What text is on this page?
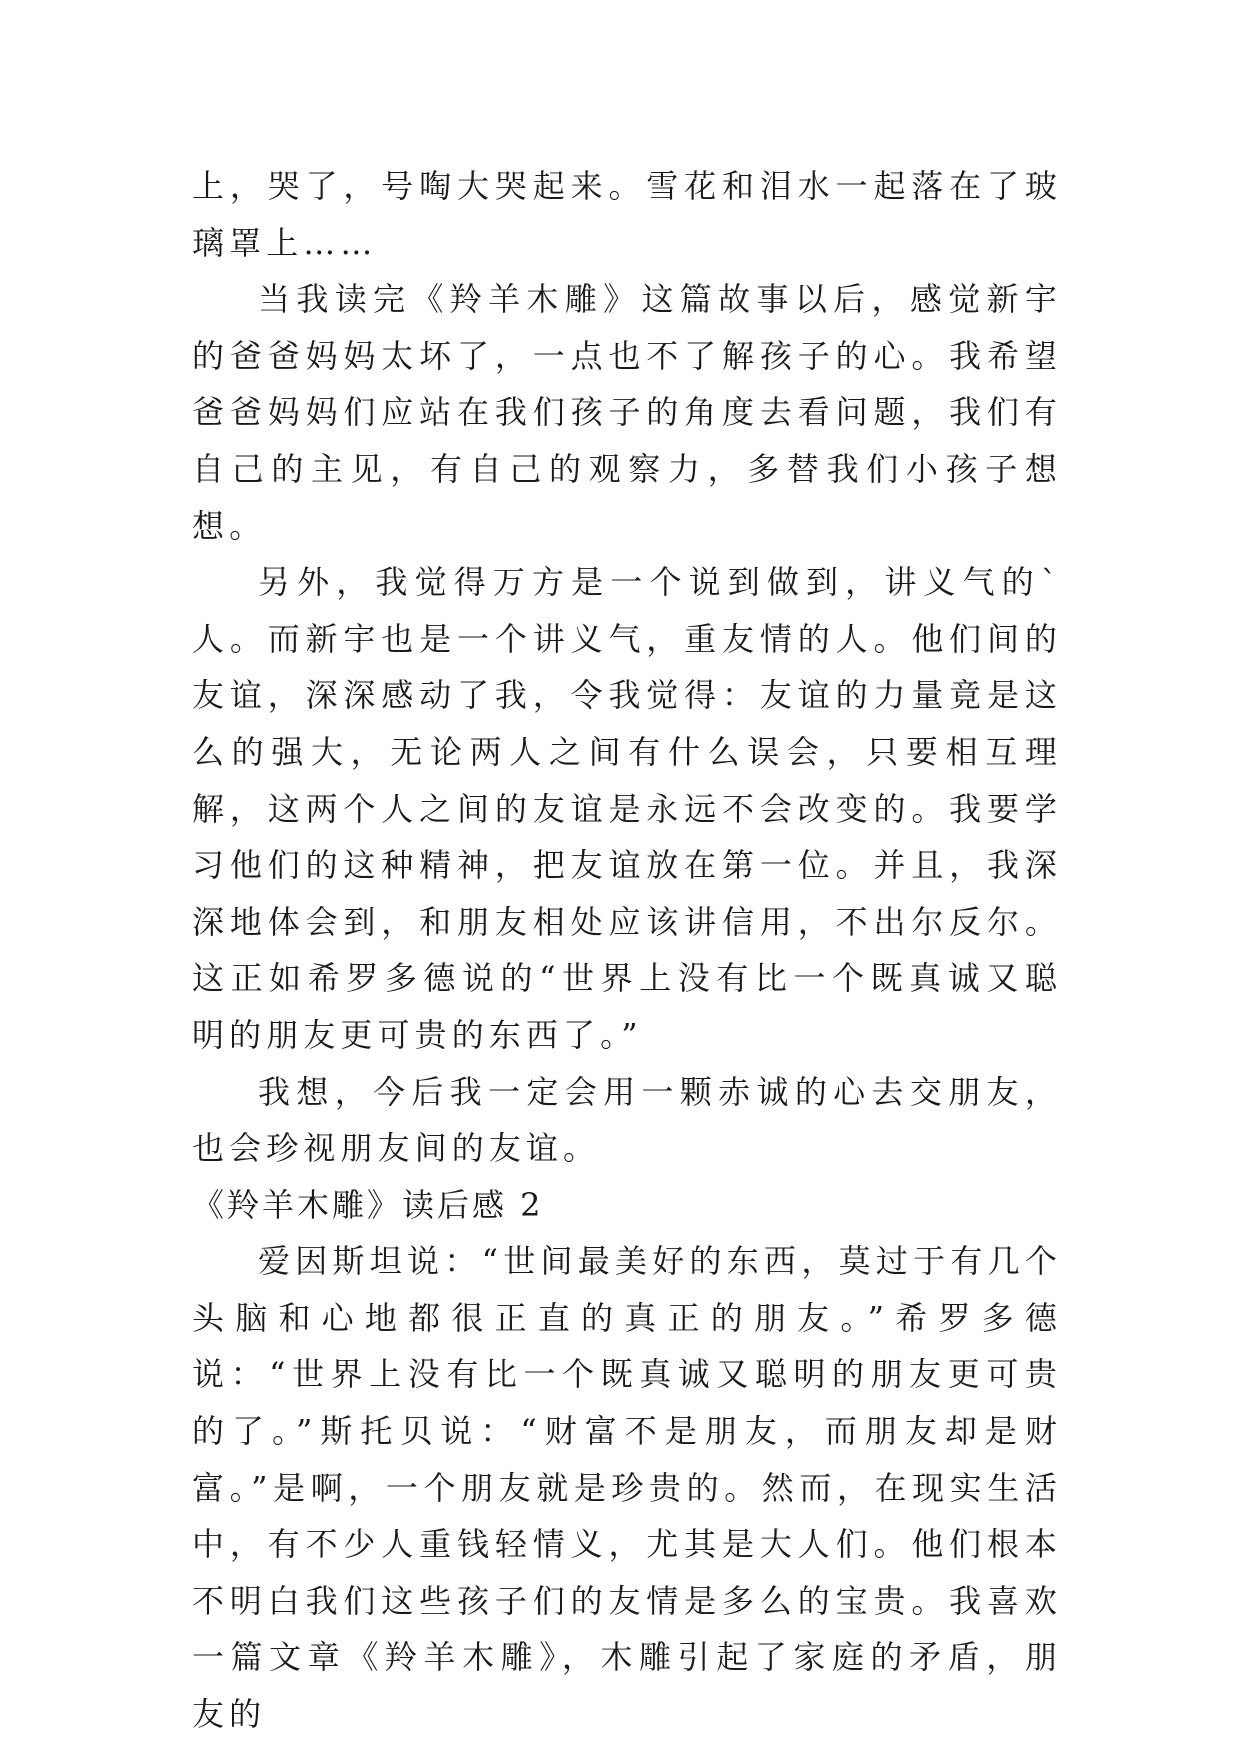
上，哭了，号啕大哭起来。雪花和泪水一起落在了玻璃罩上……

当我读完《羚羊木雕》这篇故事以后，感觉新宇的爸爸妈妈太坏了，一点也不了解孩子的心。我希望爸爸妈妈们应站在我们孩子的角度去看问题，我们有自己的主见，有自己的观察力，多替我们小孩子想想。

另外，我觉得万方是一个说到做到，讲义气的`人。而新宇也是一个讲义气，重友情的人。他们间的友谊，深深感动了我，令我觉得：友谊的力量竟是这么的强大，无论两人之间有什么误会，只要相互理解，这两个人之间的友谊是永远不会改变的。我要学习他们的这种精神，把友谊放在第一位。并且，我深深地体会到，和朋友相处应该讲信用，不出尔反尔。这正如希罗多德说的“世界上没有比一个既真诚又聪明的朋友更可贵的东西了。”

我想，今后我一定会用一颗赤诚的心去交朋友，也会珍视朋友间的友谊。

《羚羊木雕》读后感 2

爱因斯坦说：“世间最美好的东西，莫过于有几个头脑和心地都很正直的真正的朋友。”希罗多德说：“世界上没有比一个既真诚又聪明的朋友更可贵的了。”斯托贝说：“财富不是朋友，而朋友却是财富。”是啊，一个朋友就是珍贵的。然而，在现实生活中，有不少人重钱轻情义，尤其是大人们。他们根本不明白我们这些孩子们的友情是多么的宝贵。我喜欢一篇文章《羚羊木雕》，木雕引起了家庭的矛盾，朋友的
